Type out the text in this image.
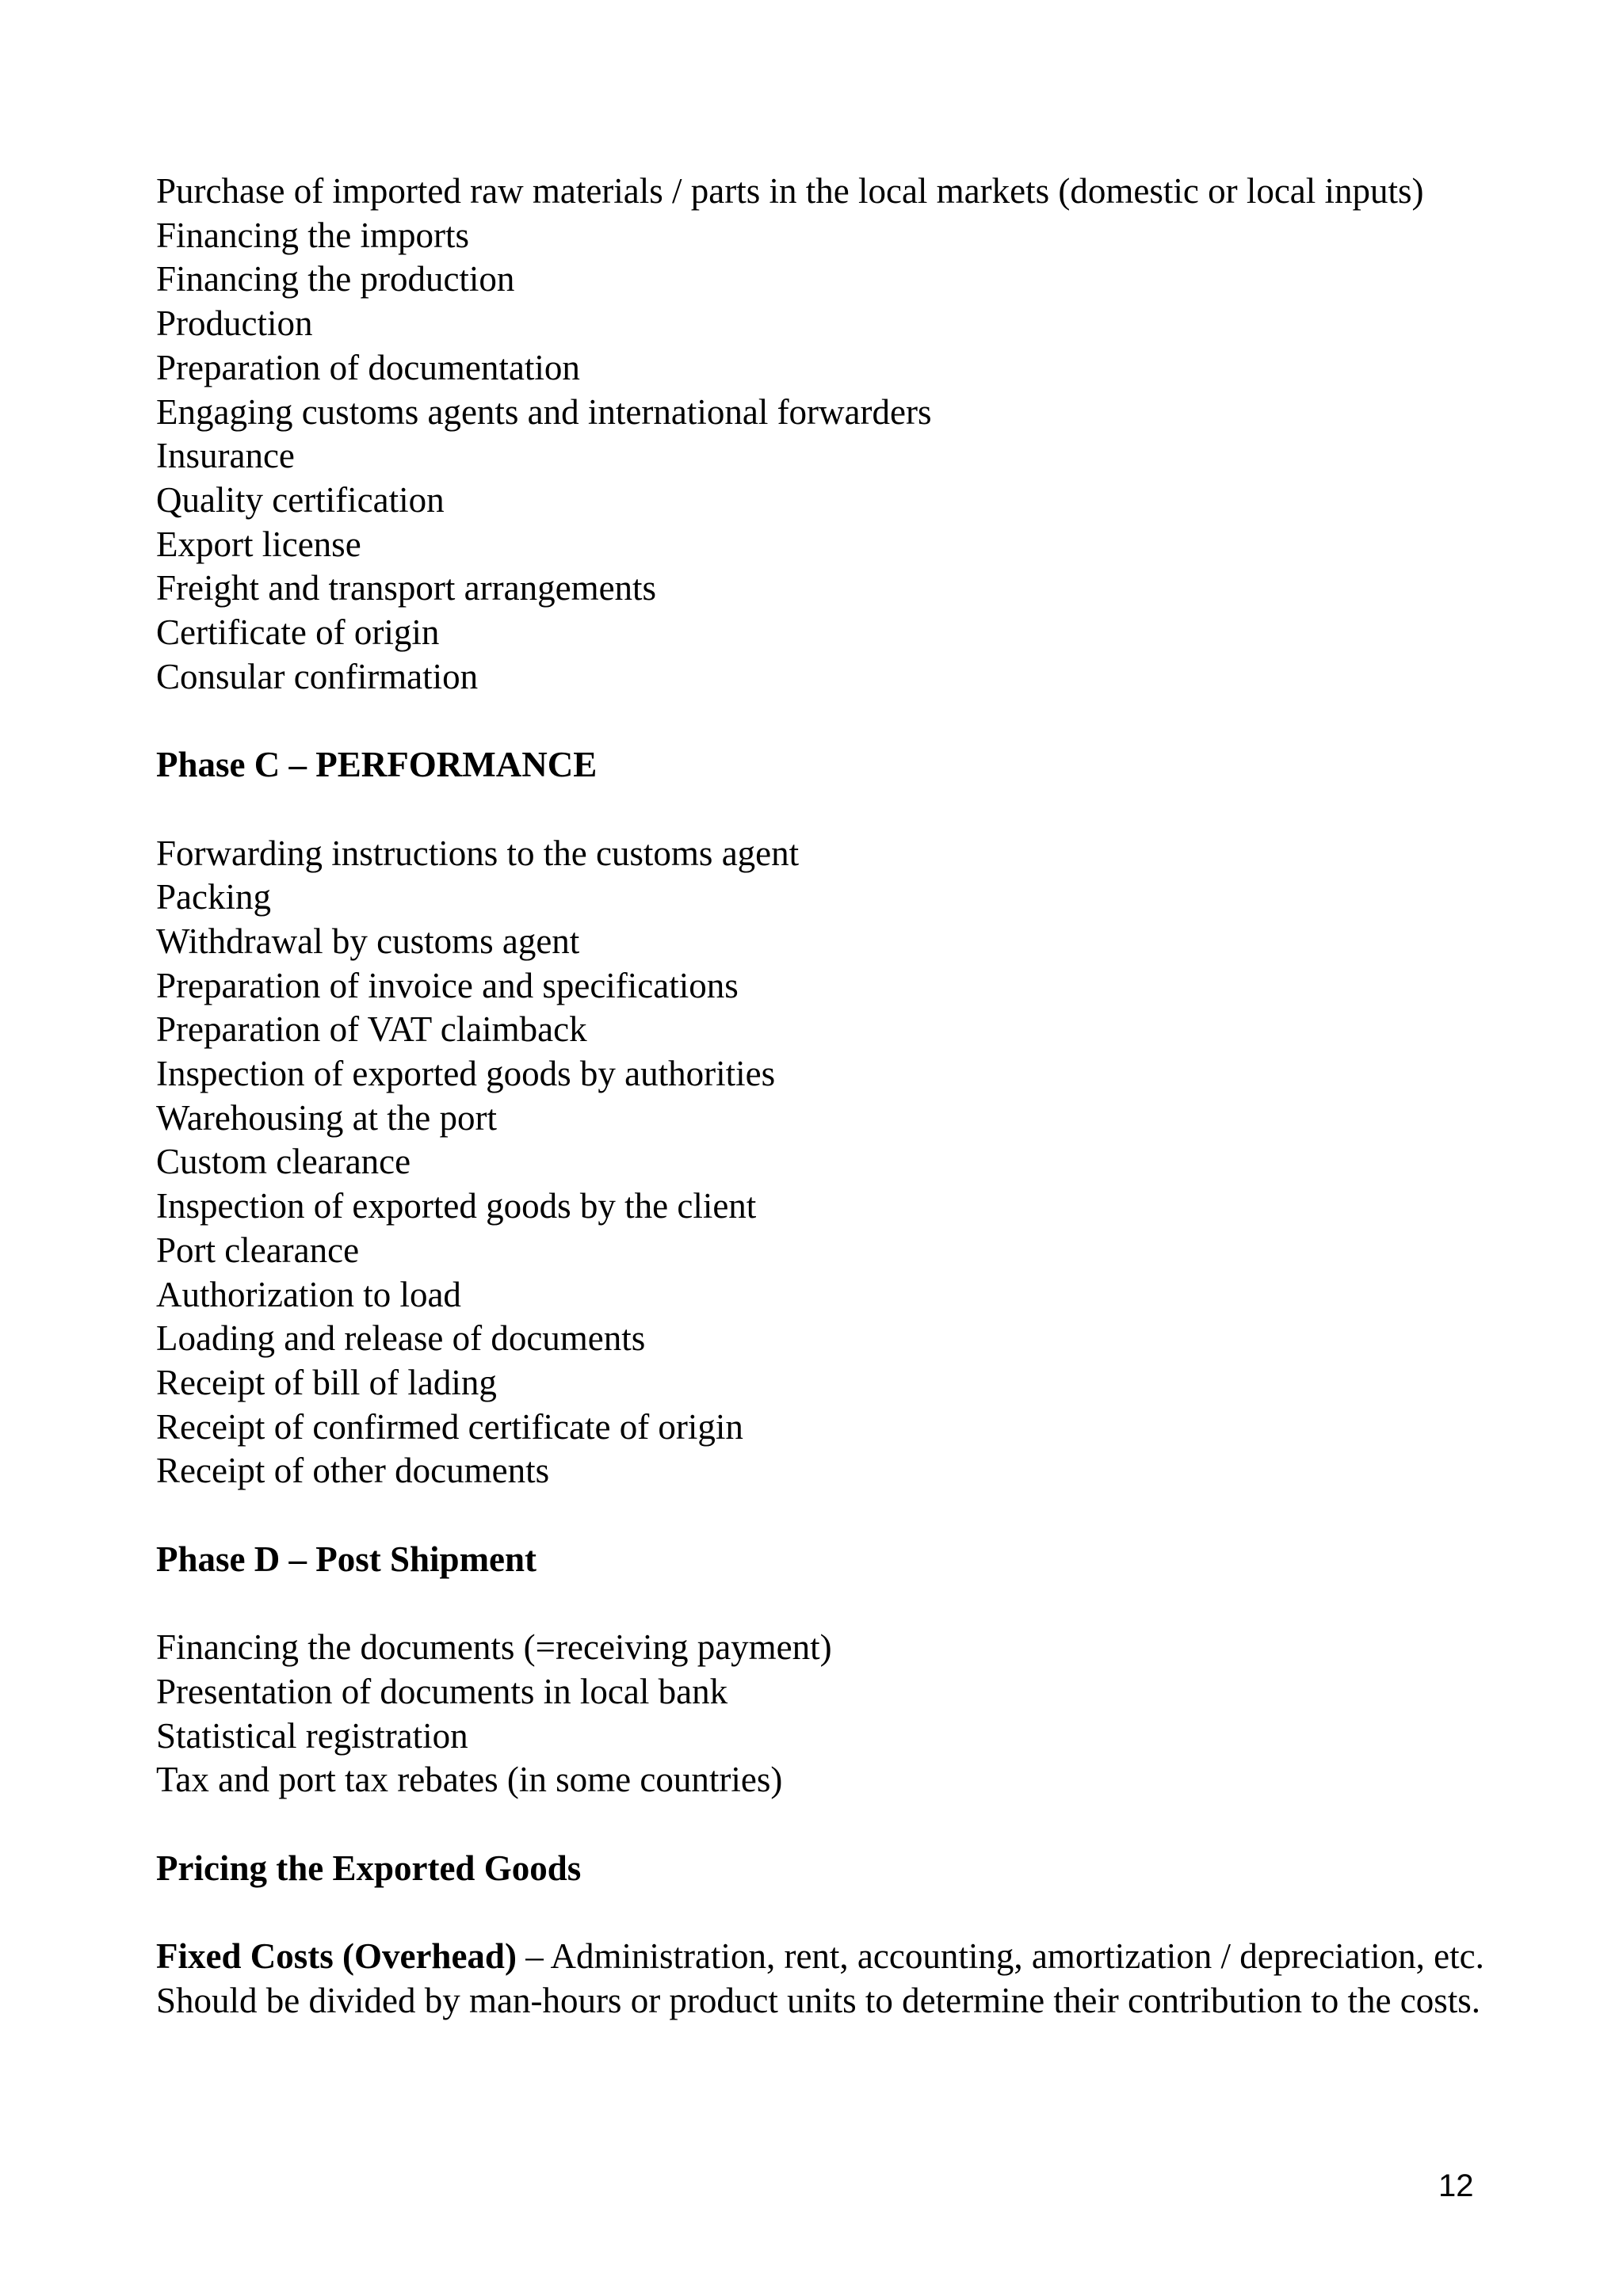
Purchase of imported raw materials / parts in the local markets (domestic or local inputs)
Financing the imports
Financing the production
Production
Preparation of documentation
Engaging customs agents and international forwarders
Insurance
Quality certification
Export license
Freight and transport arrangements
Certificate of origin
Consular confirmation
Phase C – PERFORMANCE
Forwarding instructions to the customs agent
Packing
Withdrawal by customs agent
Preparation of invoice and specifications
Preparation of VAT claimback
Inspection of exported goods by authorities
Warehousing at the port
Custom clearance
Inspection of exported goods by the client
Port clearance
Authorization to load
Loading and release of documents
Receipt of bill of lading
Receipt of confirmed certificate of origin
Receipt of other documents
Phase D – Post Shipment
Financing the documents (=receiving payment)
Presentation of documents in local bank
Statistical registration
Tax and port tax rebates (in some countries)
Pricing the Exported Goods
Fixed Costs (Overhead) – Administration, rent, accounting, amortization / depreciation, etc. Should be divided by man-hours or product units to determine their contribution to the costs.
12
